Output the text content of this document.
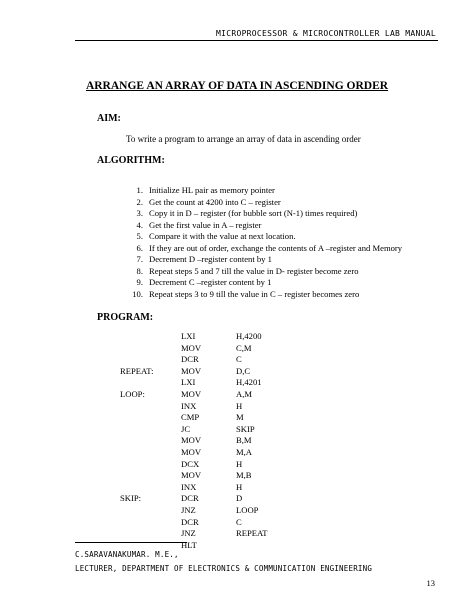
MICROPROCESSOR & MICROCONTROLLER LAB MANUAL
ARRANGE AN ARRAY OF DATA IN ASCENDING ORDER
AIM:
To write a program to arrange an array of data in ascending order
ALGORITHM:
1. Initialize HL pair as memory pointer
2. Get the count at 4200 into C – register
3. Copy it in D – register (for bubble sort (N-1) times required)
4. Get the first value in A – register
5. Compare it with the value at next location.
6. If they are out of order, exchange the contents of A –register and Memory
7. Decrement D –register content by 1
8. Repeat steps 5 and 7 till the value in D- register become zero
9. Decrement C –register content by 1
10. Repeat steps 3 to 9 till the value in C – register becomes zero
PROGRAM:
LXI	H,4200
MOV	C,M
DCR	C
REPEAT:	MOV	D,C
LXI	H,4201
LOOP:	MOV	A,M
INX	H
CMP	M
JC	SKIP
MOV	B,M
MOV	M,A
DCX	H
MOV	M,B
INX	H
SKIP:	DCR	D
JNZ	LOOP
DCR	C
JNZ	REPEAT
HLT
C.SARAVANAKUMAR. M.E.,
LECTURER, DEPARTMENT OF ELECTRONICS & COMMUNICATION ENGINEERING
13
